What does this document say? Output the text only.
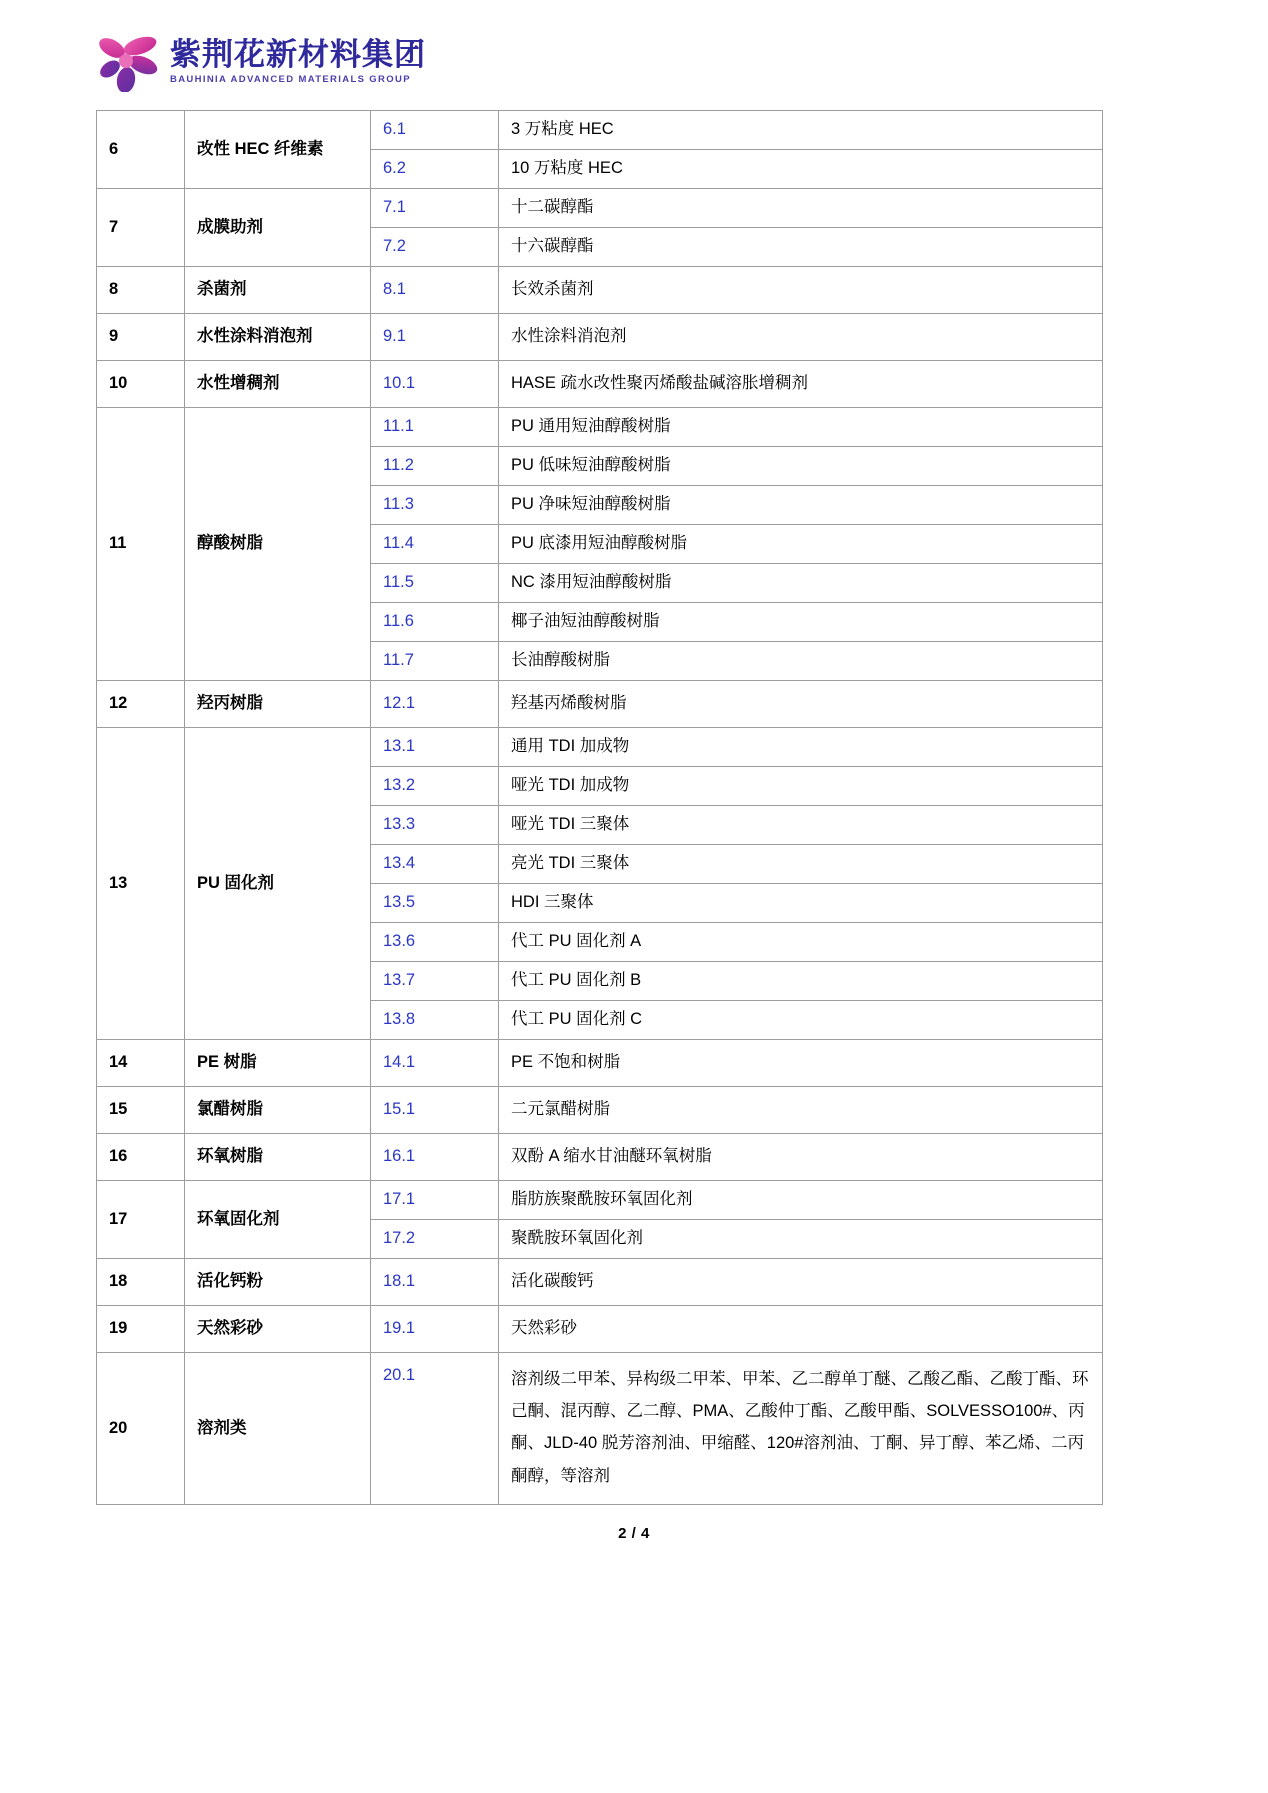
紫荆花新材料集团
BAUHINIA ADVANCED MATERIALS GROUP
6	改性 HEC 纤维素	6.1	3 万粘度 HEC
		6.2	10 万粘度 HEC
7	成膜助剂	7.1	十二碳醇酯
		7.2	十六碳醇酯
8	杀菌剂	8.1	长效杀菌剂
9	水性涂料消泡剂	9.1	水性涂料消泡剂
10	水性增稠剂	10.1	HASE 疏水改性聚丙烯酸盐碱溶胀增稠剂
11	醇酸树脂	11.1	PU 通用短油醇酸树脂
		11.2	PU 低味短油醇酸树脂
		11.3	PU 净味短油醇酸树脂
		11.4	PU 底漆用短油醇酸树脂
		11.5	NC 漆用短油醇酸树脂
		11.6	椰子油短油醇酸树脂
		11.7	长油醇酸树脂
12	羟丙树脂	12.1	羟基丙烯酸树脂
13	PU 固化剂	13.1	通用 TDI 加成物
		13.2	哑光 TDI 加成物
		13.3	哑光 TDI 三聚体
		13.4	亮光 TDI 三聚体
		13.5	HDI 三聚体
		13.6	代工 PU 固化剂 A
		13.7	代工 PU 固化剂 B
		13.8	代工 PU 固化剂 C
14	PE 树脂	14.1	PE 不饱和树脂
15	氯醋树脂	15.1	二元氯醋树脂
16	环氧树脂	16.1	双酚 A 缩水甘油醚环氧树脂
17	环氧固化剂	17.1	脂肪族聚酰胺环氧固化剂
		17.2	聚酰胺环氧固化剂
18	活化钙粉	18.1	活化碳酸钙
19	天然彩砂	19.1	天然彩砂
20	溶剂类	20.1	溶剂级二甲苯、异构级二甲苯、甲苯、乙二醇单丁醚、乙酸乙酯、乙酸丁酯、环己酮、混丙醇、乙二醇、PMA、乙酸仲丁酯、乙酸甲酯、SOLVESSO100#、丙酮、JLD-40 脱芳溶剂油、甲缩醛、120#溶剂油、丁酮、异丁醇、苯乙烯、二丙酮醇，等溶剂
2 / 4
